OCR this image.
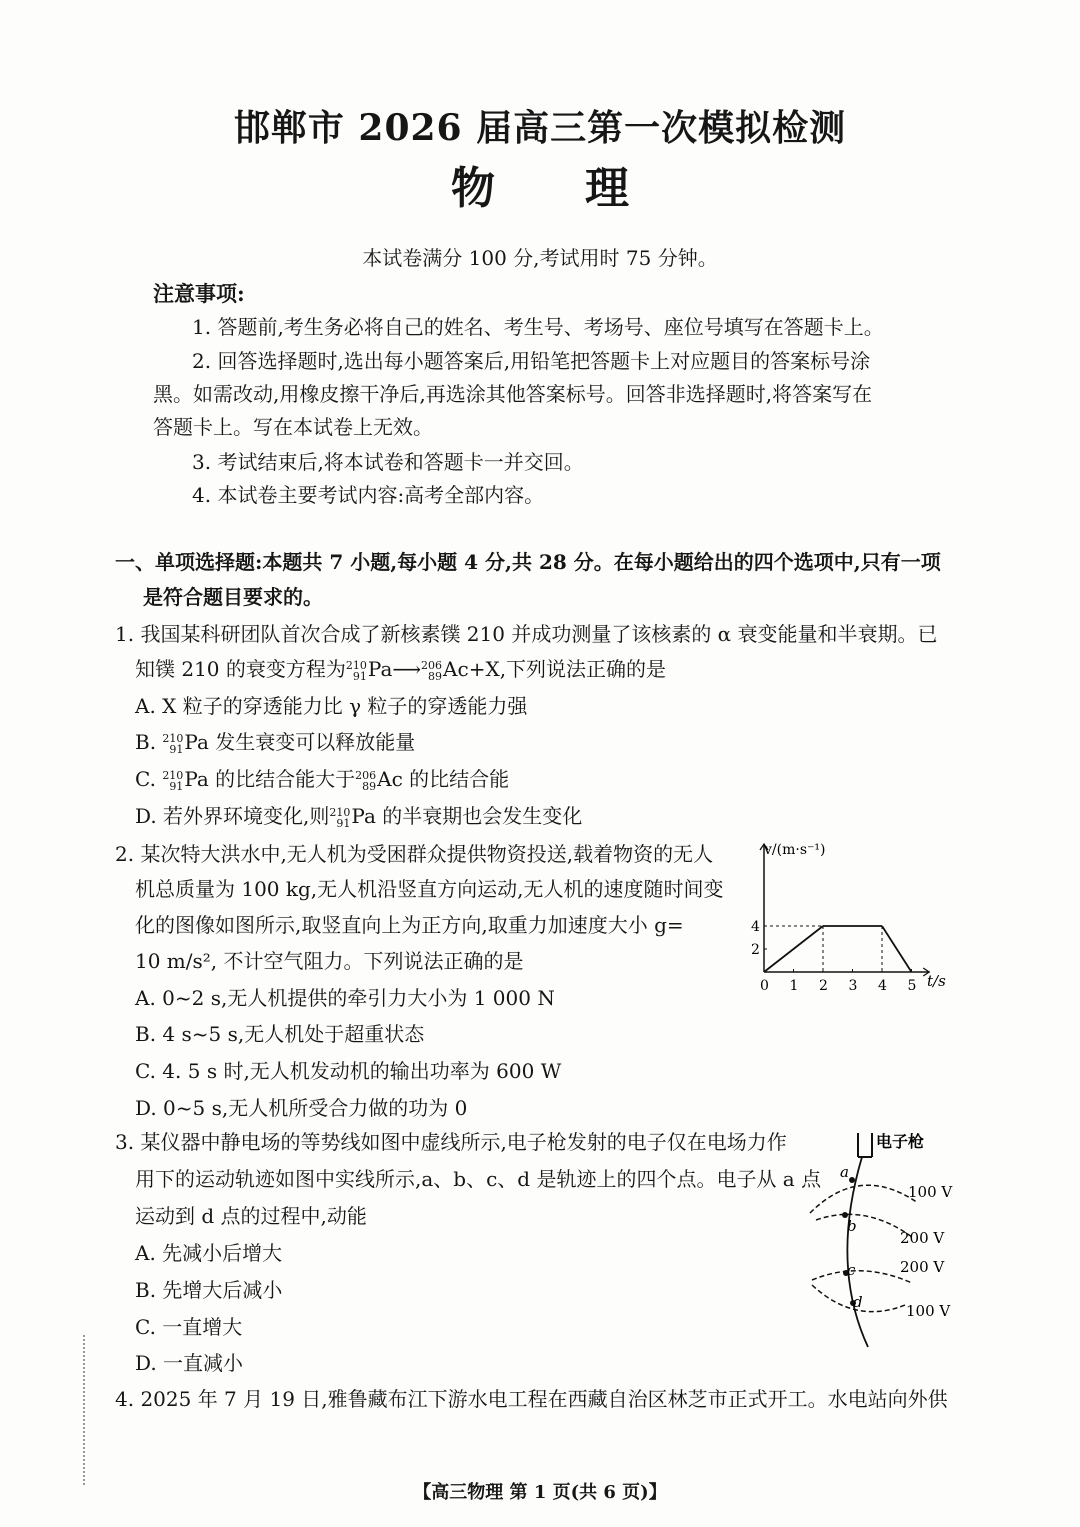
邯郸市 2026 届高三第一次模拟检测
物理
本试卷满分 100 分,考试用时 75 分钟。
注意事项:
1. 答题前,考生务必将自己的姓名、考生号、考场号、座位号填写在答题卡上。
2. 回答选择题时,选出每小题答案后,用铅笔把答题卡上对应题目的答案标号涂
黑。如需改动,用橡皮擦干净后,再选涂其他答案标号。回答非选择题时,将答案写在
答题卡上。写在本试卷上无效。
3. 考试结束后,将本试卷和答题卡一并交回。
4. 本试卷主要考试内容:高考全部内容。
一、单项选择题:本题共 7 小题,每小题 4 分,共 28 分。在每小题给出的四个选项中,只有一项
是符合题目要求的。
1. 我国某科研团队首次合成了新核素镤 210 并成功测量了该核素的 α 衰变能量和半衰期。已
知镤 210 的衰变方程为 210
91 Pa⟶ 206
89 Ac+X,下列说法正确的是
A. X 粒子的穿透能力比 γ 粒子的穿透能力强
B. 210
91 Pa 发生衰变可以释放能量
C. 210
91 Pa 的比结合能大于 206
89 Ac 的比结合能
D. 若外界环境变化,则 210
91 Pa 的半衰期也会发生变化
2. 某次特大洪水中,无人机为受困群众提供物资投送,载着物资的无人
机总质量为 100 kg,无人机沿竖直方向运动,无人机的速度随时间变
化的图像如图所示,取竖直向上为正方向,取重力加速度大小 g=
10 m/s², 不计空气阻力。下列说法正确的是
A. 0~2 s,无人机提供的牵引力大小为 1 000 N
B. 4 s~5 s,无人机处于超重状态
C. 4. 5 s 时,无人机发动机的输出功率为 600 W
D. 0~5 s,无人机所受合力做的功为 0
0 1 2 3 4 5
2
4
v/(m·s⁻¹)
t/s
3. 某仪器中静电场的等势线如图中虚线所示,电子枪发射的电子仅在电场力作
用下的运动轨迹如图中实线所示,a、b、c、d 是轨迹上的四个点。电子从 a 点
运动到 d 点的过程中,动能
A. 先减小后增大
B. 先增大后减小
C. 一直增大
D. 一直减小
电子枪
a
b
c
d
100 V
200 V
200 V
100 V
4. 2025 年 7 月 19 日,雅鲁藏布江下游水电工程在西藏自治区林芝市正式开工。水电站向外供
【高三物理 第 1 页(共 6 页)】
